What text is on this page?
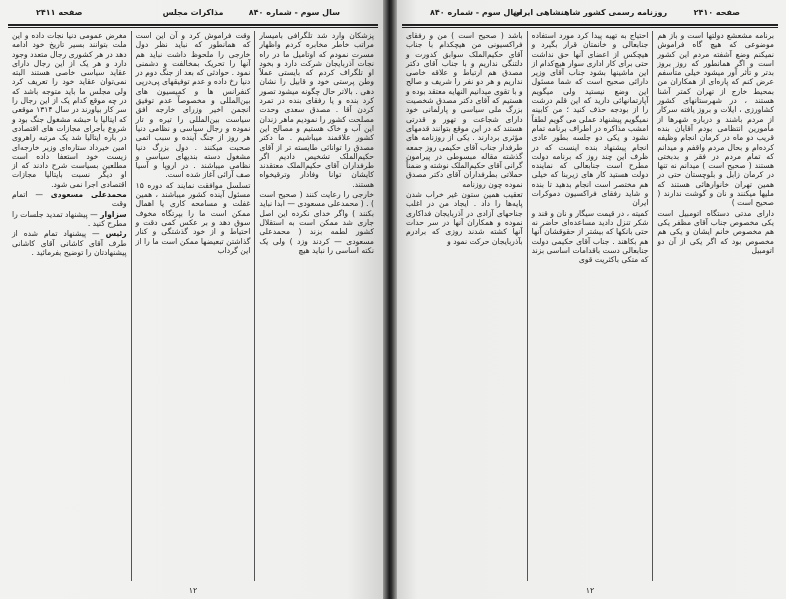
سال سوم - شماره ۸۴۰
مذاکرات مجلس
صفحه ۲۴۱۱

پزشکان وارد شد تلگرافی بامیسار مراتب خاطر مخابره کردم واظهار مسرت نمودم که اوتامیل ما در راه نجات آذربایجان شرکت دارد و بخود او تلگراف کردم که بایستی عملاً وطن پرستی خود و قابیل را نشان دهی . بالاتر حال چگونه میشود تصور کرد بنده و یا رفقای بنده در تمرد کردن آقا . مصدق سعدی وحدت مصلحت کشور را نمودیم ماهر زندان این آب و خاک هستیم و مصالح این کشور علاقمند میباشیم . ما دکتر مصدق را توانائی طایسته تر از آقای حکیم‌الملک تشخیص دادیم اگر طرفداران آقای حکیم‌الملک معتقدند کایشان توانا وفادار وترقیخواه هستند.

خارجی را رعایت کنند ( صحیح است ) . ( محمدعلی مسعودی — ابدا نباید بکنند ) واگر خدای نکرده این اصل جاری شد ممکن است به استقلال کشور لطمه بزند ( محمدعلی مسعودی — کردند وزد ) ولی یک نکته اساسی را نباید هیچ

وقت فراموش کرد و آن این است که همانطور که نباید نظر دول خارجی را ملحوظ داشت نباید هم آنها را تحریک بمخالفت و دشمنی نمود . حوادثی که بعد از جنگ دوم در دنیا رخ داده و عدم توفیقهای پی‌درپی کنفرانس ها و کمیسیون های بین‌المللی و مخصوصاً عدم توفیق انجمن اخیر وزرای خارجه افق سیاست بین‌المللی را تیره و تار نموده و رجال سیاسی و نظامی دنیا هر روز از جنگ آینده و سبب اتمی صحبت میکنند . دول بزرگ دنیا مشغول دسته بندیهای سیاسی و نظامی میباشند . در اروپا و آسیا صف آرائی آغاز شده است.

تسلسل موافقت نمایند که دوره ۱۵ مسئول آینده کشور میباشند ، همین غفلت و مسامحه کاری یا اهمال ممکن است ما را بپرتگاه مخوف سوق دهد و بر عکس کمی دقت و احتیاط و از خود گذشتگی و کنار گذاشتن تبعیضها ممکن است ما را از این گرداب

مغرض عمومی دنیا نجات داده و این ملت بتوانند بسیر تاریخ خود ادامه دهد در هر کشوری رجال متعدد وجود دارد و هر یک از این رجال دارای عقاید سیاسی خاصی هستند البته نمی‌توان عقاید خود را تعریف کرد ولی مجلس ما باید متوجه باشد که در چه موقع کدام یک از این رجال را سر کار بیاورند در سال ۱۳۱۴ موقعی که ایتالیا با حبشه مشغول جنگ بود و شروع بأجرای مجازات های اقتصادی در باره ایتالیا شد یک مرتبه راهروی امین خیرداد ستاره‌ای وزیر خارجه‌ای زیست خود استعفا داده است مطلعین بسیاست شرح دادند که از او دیگر نسبت بایتالیا مجازات اقتصادی اجرا نمی شود.

محمدعلی مسعودی — اتمام وقت

سزاوار — پیشنهاد تمدید جلسات را مطرح کنید .

رئیس — پیشنهاد تمام شده از طرف آقای کاشانی آقای کاشانی پیشنهادتان را توضیح بفرمائید .

۱۲
صفحه ۲۴۱۰
روزنامه رسمی کشور شاهنشاهی ایران
سال سوم - شماره ۸۴۰

برنامه مشعشع دولتها است و باز هم موضوعی که هیچ گاه فراموش نمیکنم وضع آشفته مردم این کشور است و اگر همانطور که روز بروز بدتر و تأثر آور میشود خیلی متأسفم عرض کنم که پاره‌ای از همکاران من بمحیط خارج از تهران کمتر آشنا هستند ، در شهرستانهای کشور کشاورزی ، ایلات و بروز یافته سرکار از مردم باشند و درباره شهرها از مأمورین انتظامی بودم آقایان بنده قریب دو ماه در کرمان انجام وظیفه کرده‌ام و بحال مردم واقفم و میدانم که تمام مردم در فقر و بدبختی هستند ( صحیح است ) میدانم نه تنها در کرمان زابل و بلوچستان حتی در همین تهران خانوارهائی هستند که ملیها میکنند و نان و گوشت ندارند ( صحیح است )

دارای مدتی دستگاه اتومبیل است یکی مخصوص جناب آقای مظفر یکی هم مخصوص خانم ایشان و یکی هم مخصوص بود که اگر یکی از آن دو اتومبیل

احتیاج به تهیه پیدا کرد مورد استفاده جنابعالی و خانمتان قرار بگیرد و هیچکس از اعضای آنها حق نداشت حتی برای کار اداری سوار هیچ‌کدام از این ماشینها بشود جناب آقای وزیر دارائی صحیح است که شما مسئول این وضع نیستید ولی میگویم آپارتمانهائی دارید که این قلم درشت را از بودجه حذف کنید ؛ من کابینه نمیگویم پیشنهاد عملی می گویم لطفاً امشب مذاکره در اطراف برنامه تمام نشود و یکی دو جلسه بطور عادی انجام پیشنهاد بنده اینست که در ظرف این چند روز که برنامه دولت مطرح است جنابعالی که نماینده دولت هستید کار های زیربنا که خیلی هم مختصر است انجام بدهید تا بنده و شاید رفقای فراکسیون دموکرات ایران

کمیته ، در قیمت سیگار و نان و قند و شکر تنزل دادید مساعده‌ای حاضر نه حتی بانکها که بیشتر از حقوقشان آنها هم بکاهند . جناب آقای حکیمی دولت جنابعالی دست باقدامات اساسی بزند که متکی باکثریت قوی

باشد ( صحیح است ) من و رفقای فراکسیونی من هیچکدام با جناب آقای حکیم‌الملک سوابق کدورت و دلتنگی نداریم و با جناب آقای دکتر مصدق هم ارتباط و علاقه خاصی نداریم و هر دو نفر را شریف و صالح و با تقوی میدانیم النهایه معتقد بوده و هستیم که آقای دکتر مصدق شخصیت بزرگ ملی سیاسی و پارلمانی خود دارای شجاعت و تهور و قدرتی هستند که در این موقع بتوانند قدمهای مؤثری بردارند . یکی از روزنامه های طرفدار جناب آقای حکیمی روز جمعه گذشته مقاله مبسوطی در پیرامون گرانی آقای حکیم‌الملک نوشته و ضمناً حملاتی بطرفداران آقای دکتر مصدق نموده چون روزنامه

تعقیب همین ستون غیر خراب شدن پایه‌ها را داد . ایجاد من در اغلب جناحهای آزادی در آذربایجان فداکاری نموده و همکاران آنها در سر حدات آنها کشته شدند روزی که برادرم بآذربایجان حرکت نمود و

۱۲
